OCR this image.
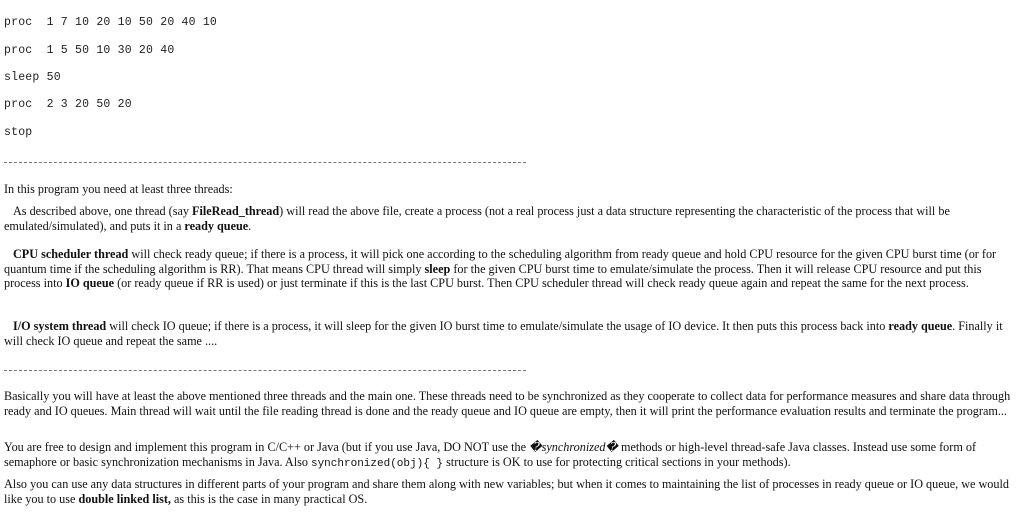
proc  1 7 10 20 10 50 20 40 10
proc  1 5 50 10 30 20 40
sleep 50
proc  2 3 20 50 20
stop
In this program you need at least three threads:
As described above, one thread (say FileRead_thread) will read the above file, create a process (not a real process just a data structure representing the characteristic of the process that will be emulated/simulated), and puts it in a ready queue.
CPU scheduler thread will check ready queue; if there is a process, it will pick one according to the scheduling algorithm from ready queue and hold CPU resource for the given CPU burst time (or for quantum time if the scheduling algorithm is RR). That means CPU thread will simply sleep for the given CPU burst time to emulate/simulate the process. Then it will release CPU resource and put this process into IO queue (or ready queue if RR is used) or just terminate if this is the last CPU burst. Then CPU scheduler thread will check ready queue again and repeat the same for the next process.
I/O system thread will check IO queue; if there is a process, it will sleep for the given IO burst time to emulate/simulate the usage of IO device. It then puts this process back into ready queue. Finally it will check IO queue and repeat the same ....
Basically you will have at least the above mentioned three threads and the main one. These threads need to be synchronized as they cooperate to collect data for performance measures and share data through ready and IO queues. Main thread will wait until the file reading thread is done and the ready queue and IO queue are empty, then it will print the performance evaluation results and terminate the program...
You are free to design and implement this program in C/C++ or Java (but if you use Java, DO NOT use the �synchronized� methods or high-level thread-safe Java classes. Instead use some form of semaphore or basic synchronization mechanisms in Java. Also synchronized(obj){ } structure is OK to use for protecting critical sections in your methods).
Also you can use any data structures in different parts of your program and share them along with new variables; but when it comes to maintaining the list of processes in ready queue or IO queue, we would like you to use double linked list, as this is the case in many practical OS.
